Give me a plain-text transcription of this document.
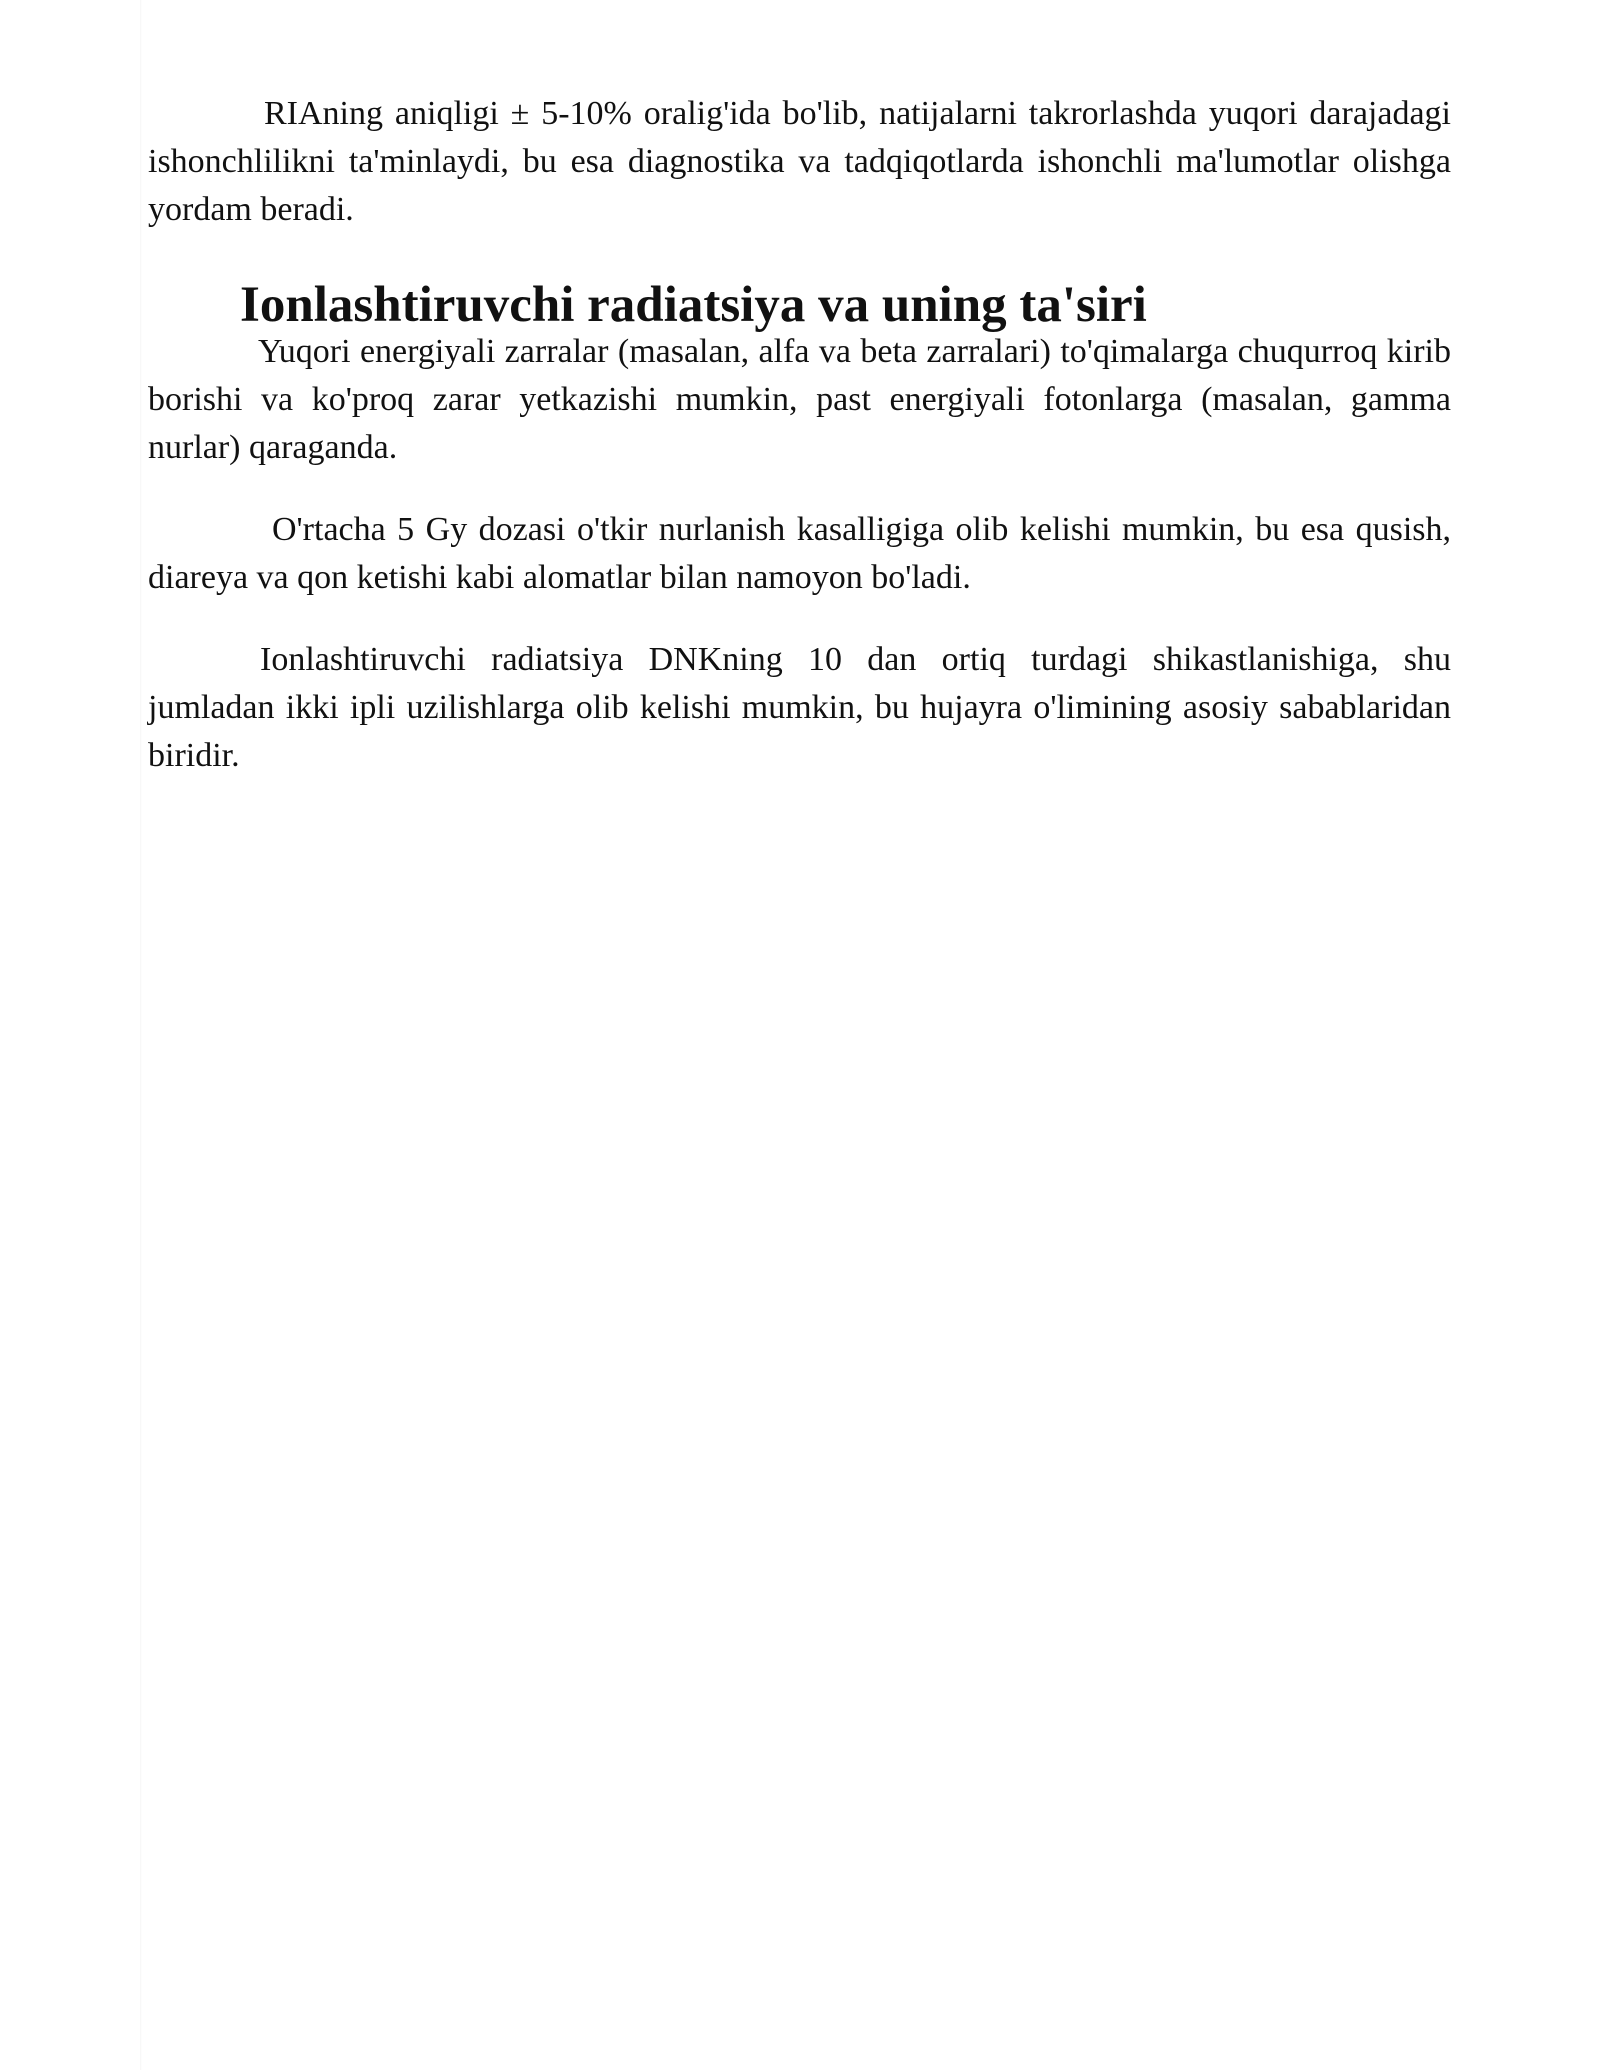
RIAning aniqligi ± 5-10% oralig'ida bo'lib, natijalarni takrorlashda yuqori darajadagi ishonchlilikni ta'minlaydi, bu esa diagnostika va tadqiqotlarda ishonchli ma'lumotlar olishga yordam beradi.

Ionlashtiruvchi radiatsiya va uning ta'siri

Yuqori energiyali zarralar (masalan, alfa va beta zarralari) to'qimalarga chuqurroq kirib borishi va ko'proq zarar yetkazishi mumkin, past energiyali fotonlarga (masalan, gamma nurlar) qaraganda.

O'rtacha 5 Gy dozasi o'tkir nurlanish kasalligiga olib kelishi mumkin, bu esa qusish, diareya va qon ketishi kabi alomatlar bilan namoyon bo'ladi.

Ionlashtiruvchi radiatsiya DNKning 10 dan ortiq turdagi shikastlanishiga, shu jumladan ikki ipli uzilishlarga olib kelishi mumkin, bu hujayra o'limining asosiy sabablaridan biridir.
